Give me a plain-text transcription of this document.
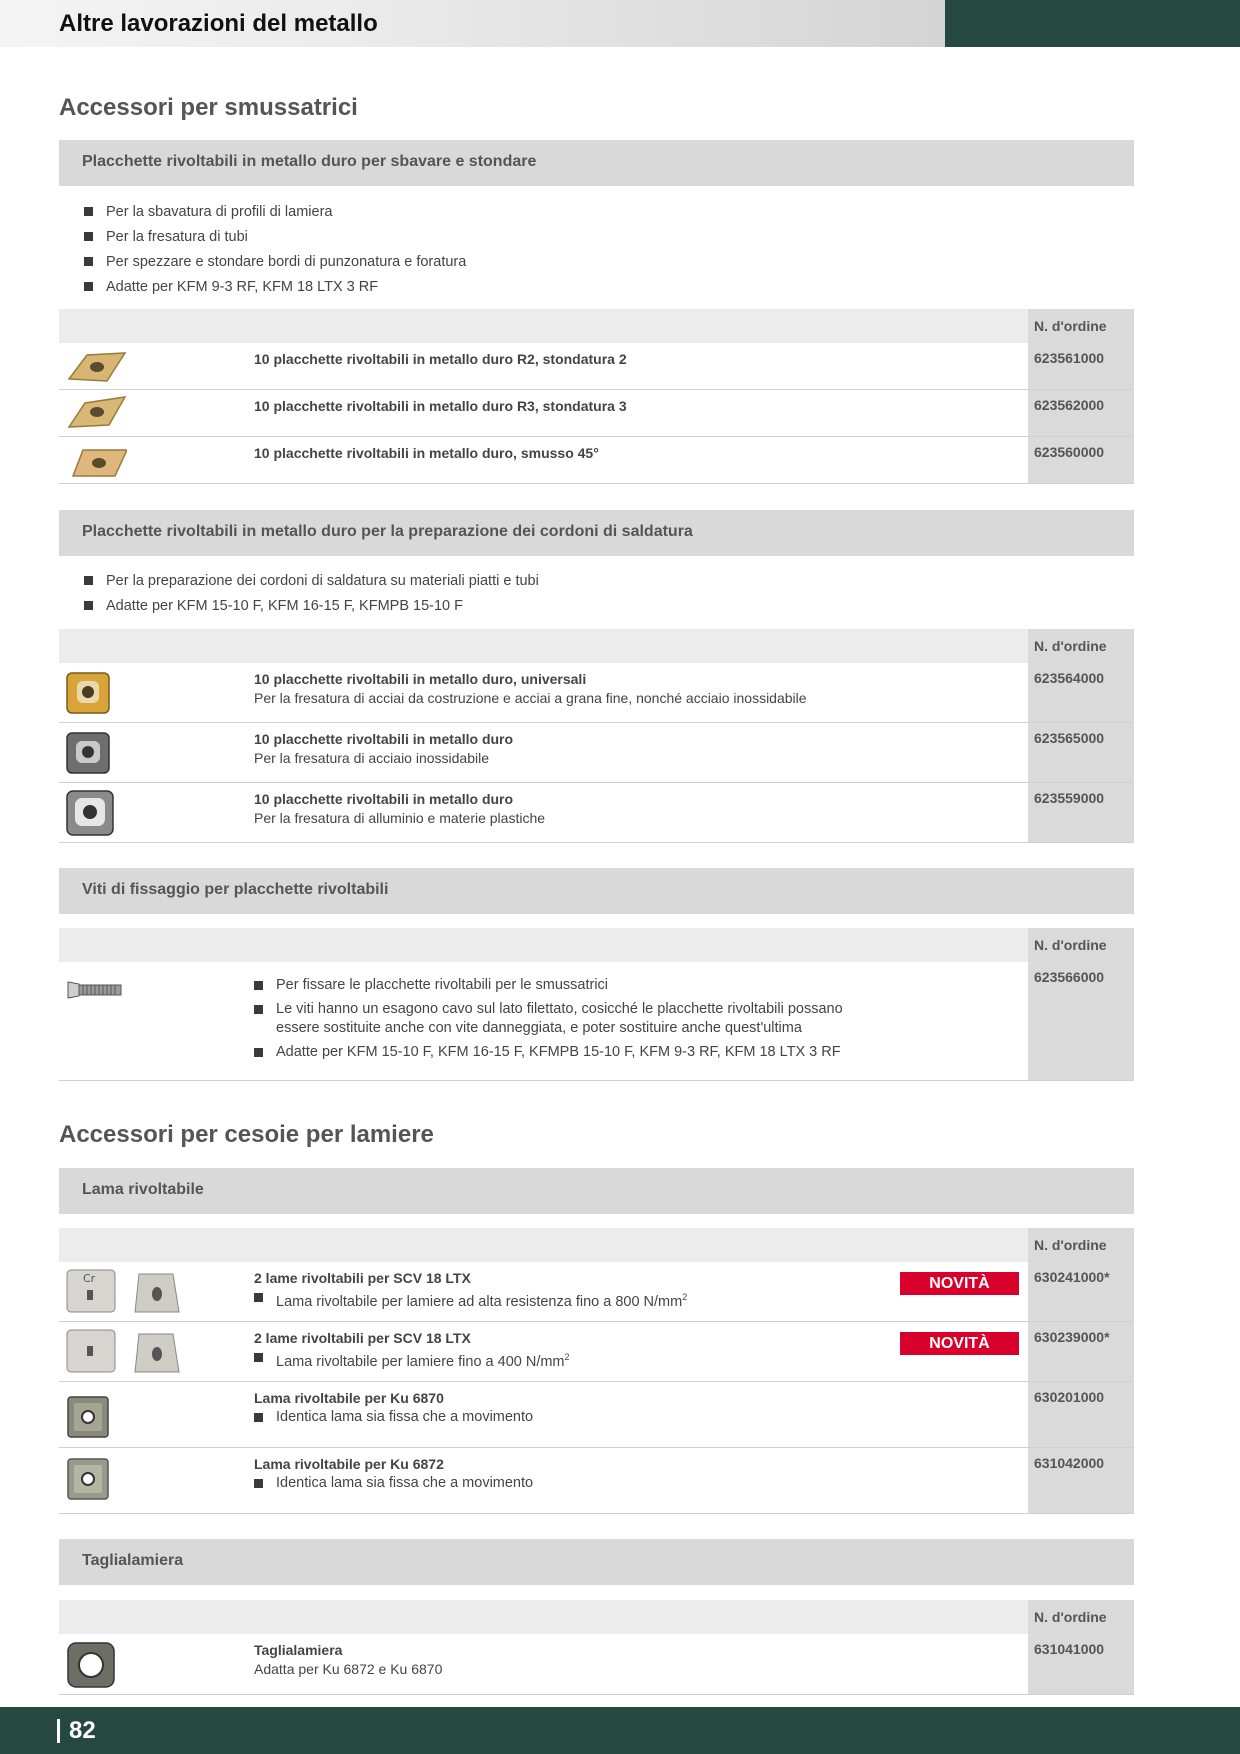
Altre lavorazioni del metallo
Accessori per smussatrici
Placchette rivoltabili in metallo duro per sbavare e stondare
Per la sbavatura di profili di lamiera
Per la fresatura di tubi
Per spezzare e stondare bordi di punzonatura e foratura
Adatte per KFM 9-3 RF, KFM 18 LTX 3 RF
N. d'ordine
10 placchette rivoltabili in metallo duro R2, stondatura 2	623561000
10 placchette rivoltabili in metallo duro R3, stondatura 3	623562000
10 placchette rivoltabili in metallo duro, smusso 45°	623560000
Placchette rivoltabili in metallo duro per la preparazione dei cordoni di saldatura
Per la preparazione dei cordoni di saldatura su materiali piatti e tubi
Adatte per KFM 15-10 F, KFM 16-15 F, KFMPB 15-10 F
N. d'ordine
10 placchette rivoltabili in metallo duro, universali
Per la fresatura di acciai da costruzione e acciai a grana fine, nonché acciaio inossidabile
623564000
10 placchette rivoltabili in metallo duro
Per la fresatura di acciaio inossidabile
623565000
10 placchette rivoltabili in metallo duro
Per la fresatura di alluminio e materie plastiche
623559000
Viti di fissaggio per placchette rivoltabili
N. d'ordine
Per fissare le placchette rivoltabili per le smussatrici
Le viti hanno un esagono cavo sul lato filettato, cosicché le placchette rivoltabili possano essere sostituite anche con vite danneggiata, e poter sostituire anche quest'ultima
Adatte per KFM 15-10 F, KFM 16-15 F, KFMPB 15-10 F, KFM 9-3 RF, KFM 18 LTX 3 RF
623566000
Accessori per cesoie per lamiere
Lama rivoltabile
N. d'ordine
Cr	2 lame rivoltabili per SCV 18 LTX
Lama rivoltabile per lamiere ad alta resistenza fino a 800 $N/mm^2$
NOVITÀ	630241000*
2 lame rivoltabili per SCV 18 LTX
Lama rivoltabile per lamiere fino a 400 $N/mm^2$
NOVITÀ	630239000*
Lama rivoltabile per Ku 6870
Identica lama sia fissa che a movimento
630201000
Lama rivoltabile per Ku 6872
Identica lama sia fissa che a movimento
631042000
Taglialamiera
N. d'ordine
Taglialamiera
Adatta per Ku 6872 e Ku 6870
631041000
82
